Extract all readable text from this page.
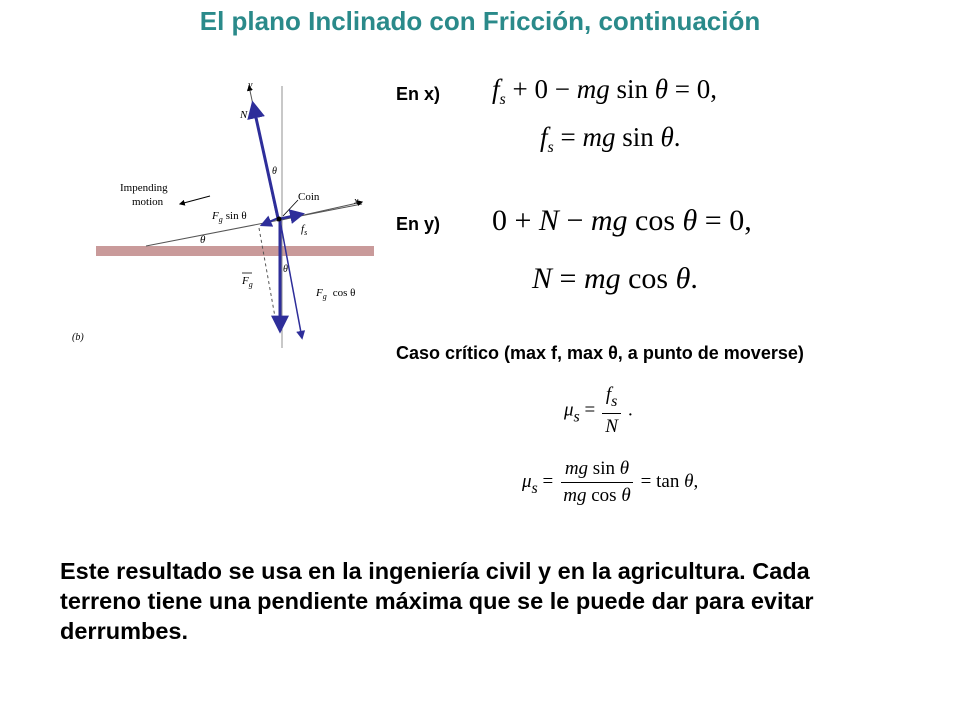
El plano Inclinado con Fricción, continuación
x
y
N
$f_s$
$F_g$ sin θ
$F_g$
$F_g$ cos θ
Coin
θ
θ
θ
Impending
motion
(b)
En x)
En y)
Caso crítico (max f, max θ, a punto de moverse)
$f_s + 0$ − mg sin θ = 0,
$f_s$ = mg sin θ.
0 + N − mg cos θ = 0,
N = mg cos θ.
$\mu_s = \frac{f_s}{N}$ .
$\mu_s = \frac{\text{mg sin θ}}{\text{mg cos θ}} = \tan \theta$,
Este resultado se usa en la ingeniería civil y en la agricultura. Cada
terreno tiene una pendiente máxima que se le puede dar para evitar
derrumbes.
